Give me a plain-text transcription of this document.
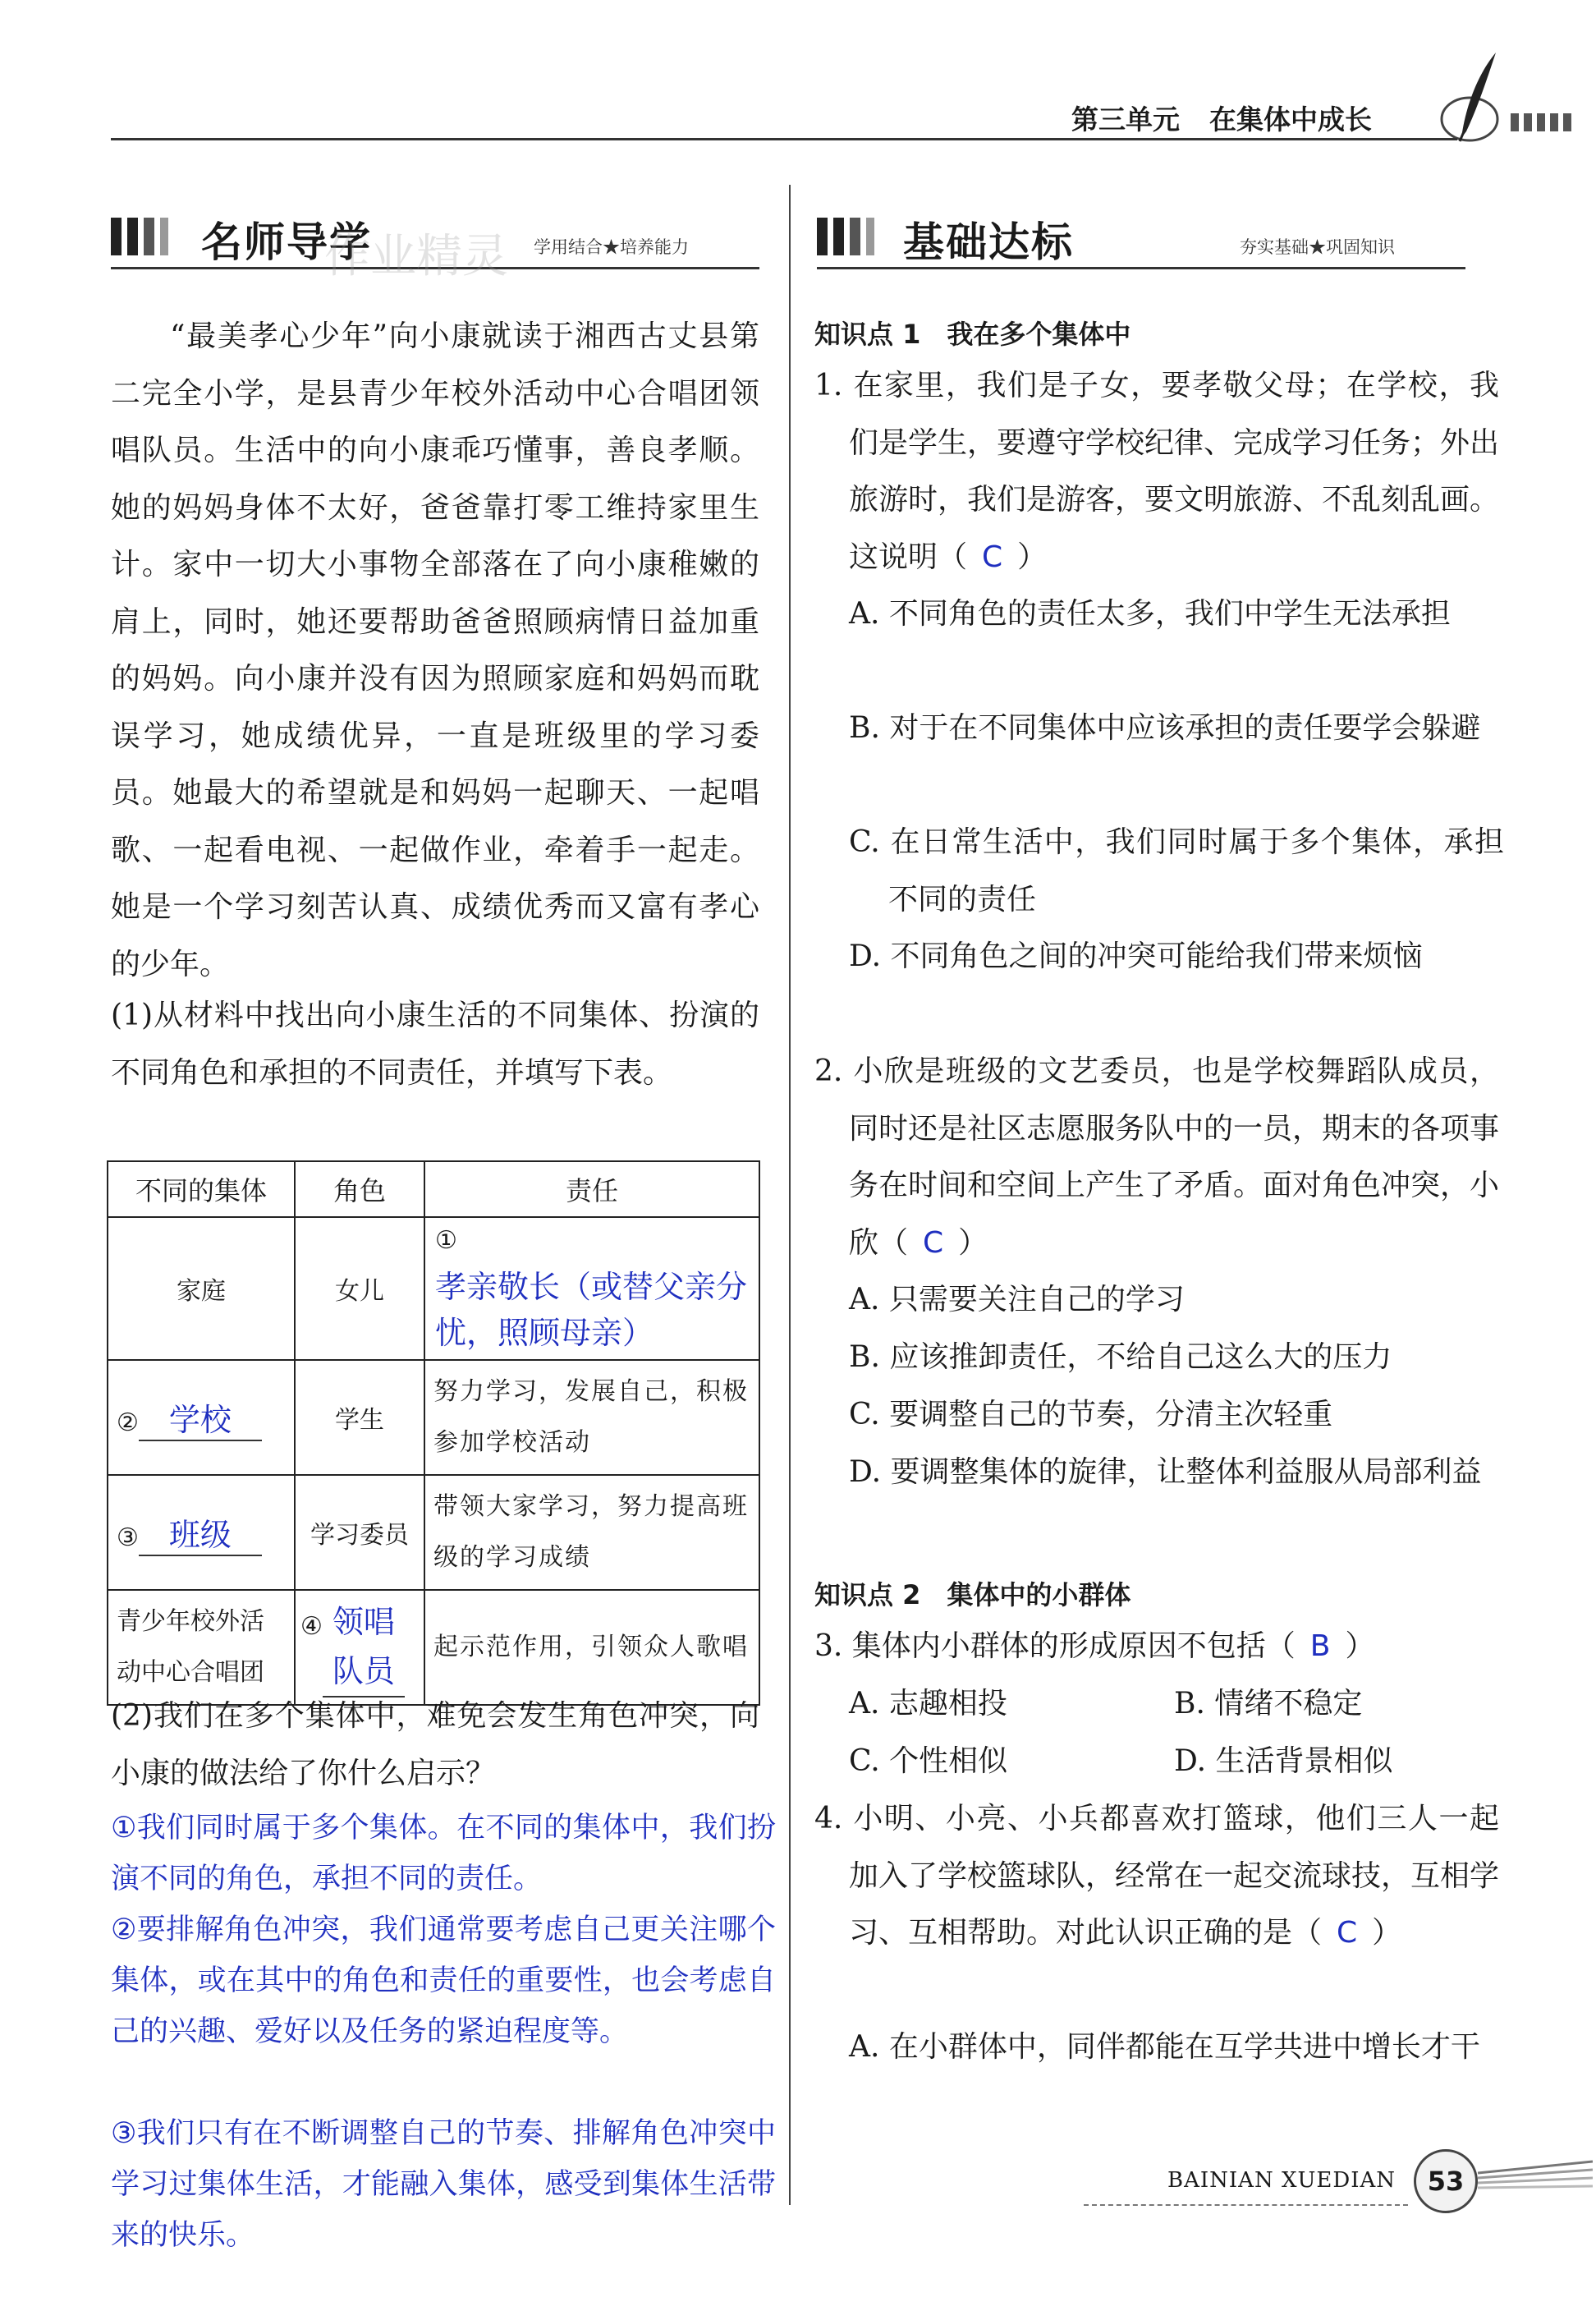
第三单元 在集体中成长
名师导学	学用结合★培养能力
作业精灵
“最美孝心少年”向小康就读于湘西古丈县第二完全小学，是县青少年校外活动中心合唱团领唱队员。生活中的向小康乖巧懂事，善良孝顺。她的妈妈身体不太好，爸爸靠打零工维持家里生计。家中一切大小事物全部落在了向小康稚嫩的肩上，同时，她还要帮助爸爸照顾病情日益加重的妈妈。向小康并没有因为照顾家庭和妈妈而耽误学习，她成绩优异，一直是班级里的学习委员。她最大的希望就是和妈妈一起聊天、一起唱歌、一起看电视、一起做作业，牵着手一起走。她是一个学习刻苦认真、成绩优秀而又富有孝心的少年。
(1)从材料中找出向小康生活的不同集体、扮演的不同角色和承担的不同责任，并填写下表。
不同的集体	角色	责任
家庭	女儿	① 孝亲敬长（或替父亲分忧，照顾母亲）
② 学校	学生	努力学习，发展自己，积极参加学校活动
③ 班级	学习委员	带领大家学习，努力提高班级的学习成绩
青少年校外活动中心合唱团	④ 领唱队员	起示范作用，引领众人歌唱
(2)我们在多个集体中，难免会发生角色冲突，向小康的做法给了你什么启示？
①我们同时属于多个集体。在不同的集体中，我们扮演不同的角色，承担不同的责任。
②要排解角色冲突，我们通常要考虑自己更关注哪个集体，或在其中的角色和责任的重要性，也会考虑自己的兴趣、爱好以及任务的紧迫程度等。
③我们只有在不断调整自己的节奏、排解角色冲突中学习过集体生活，才能融入集体，感受到集体生活带来的快乐。
基础达标	夯实基础★巩固知识
知识点 1　我在多个集体中
1. 在家里，我们是子女，要孝敬父母；在学校，我们是学生，要遵守学校纪律、完成学习任务；外出旅游时，我们是游客，要文明旅游、不乱刻乱画。这说明（ C ）
A. 不同角色的责任太多，我们中学生无法承担
B. 对于在不同集体中应该承担的责任要学会躲避
C. 在日常生活中，我们同时属于多个集体，承担不同的责任
D. 不同角色之间的冲突可能给我们带来烦恼
2. 小欣是班级的文艺委员，也是学校舞蹈队成员，同时还是社区志愿服务队中的一员，期末的各项事务在时间和空间上产生了矛盾。面对角色冲突，小欣（ C ）
A. 只需要关注自己的学习
B. 应该推卸责任，不给自己这么大的压力
C. 要调整自己的节奏，分清主次轻重
D. 要调整集体的旋律，让整体利益服从局部利益
知识点 2　集体中的小群体
3. 集体内小群体的形成原因不包括（ B ）
A. 志趣相投	B. 情绪不稳定
C. 个性相似	D. 生活背景相似
4. 小明、小亮、小兵都喜欢打篮球，他们三人一起加入了学校篮球队，经常在一起交流球技，互相学习、互相帮助。对此认识正确的是（ C ）
A. 在小群体中，同伴都能在互学共进中增长才干
BAINIAN XUEDIAN	53
